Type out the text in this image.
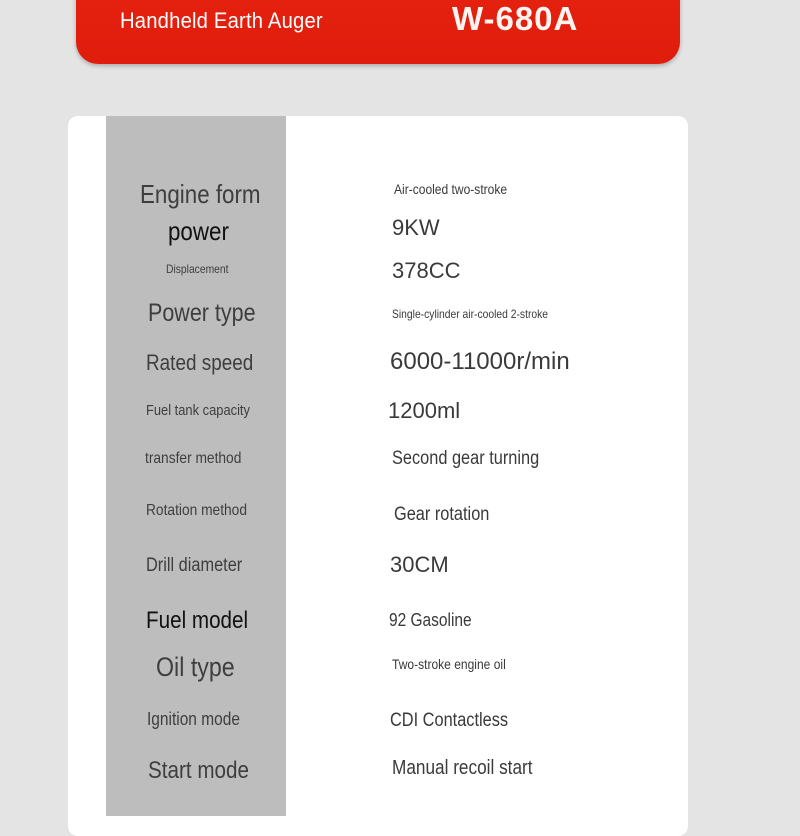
Handheld Earth Auger	W-680A
Engine form	Air-cooled two-stroke
power	9KW
Displacement	378CC
Power type	Single-cylinder air-cooled 2-stroke
Rated speed	6000-11000r/min
Fuel tank capacity	1200ml
transfer method	Second gear turning
Rotation method	Gear rotation
Drill diameter	30CM
Fuel model	92 Gasoline
Oil type	Two-stroke engine oil
Ignition mode	CDI Contactless
Start mode	Manual recoil start
